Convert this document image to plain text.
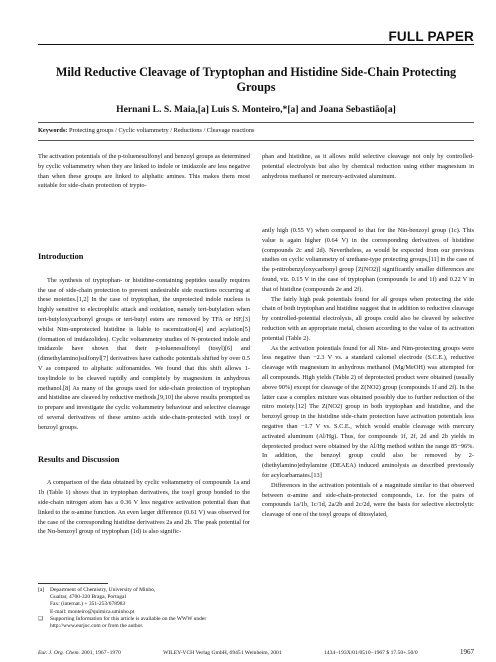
FULL PAPER
Mild Reductive Cleavage of Tryptophan and Histidine Side-Chain Protecting Groups
Hernani L. S. Maia,[a] Luis S. Monteiro,*[a] and Joana Sebastião[a]
Keywords: Protecting groups / Cyclic voltammetry / Reductions / Cleavage reactions

The activation potentials of the p-toluenesulfonyl and benzoyl groups as determined by cyclic voltammetry when they are linked to indole or imidazole are less negative than when these groups are linked to aliphatic amines. This makes them most suitable for side-chain protection of trypto-

phan and histidine, as it allows mild selective cleavage not only by controlled-potential electrolysis but also by chemical reduction using either magnesium in anhydrous methanol or mercury-activated aluminum.

Introduction

The synthesis of tryptophan- or histidine-containing peptides usually requires the use of side-chain protection to prevent undesirable side reactions occurring at these moieties.[1,2] In the case of tryptophan, the unprotected indole nucleus is highly sensitive to electrophilic attack and oxidation, namely tert-butylation when tert-butyloxycarbonyl groups or tert-butyl esters are removed by TFA or HF,[3] whilst Nim-unprotected histidine is liable to racemization[4] and acylation[5] (formation of imidazolides). Cyclic voltammetry studies of N-protected indole and imidazole have shown that their p-toluenesulfonyl (tosyl)[6] and (dimethylamino)sulfonyl[7] derivatives have cathodic potentials shifted by over 0.5 V as compared to aliphatic sulfonamides. We found that this shift allows 1-tosylindole to be cleaved rapidly and completely by magnesium in anhydrous methanol.[8] As many of the groups used for side-chain protection of tryptophan and histidine are cleaved by reductive methods,[9,10] the above results prompted us to prepare and investigate the cyclic voltammetry behaviour and selective cleavage of several derivatives of these amino acids side-chain-protected with tosyl or benzoyl groups.

Results and Discussion

A comparison of the data obtained by cyclic voltammetry of compounds 1a and 1b (Table 1) shows that in tryptophan derivatives, the tosyl group bonded to the side-chain nitrogen atom has a 0.36 V less negative activation potential than that linked to the α-amine function. An even larger difference (0.61 V) was observed for the case of the corresponding histidine derivatives 2a and 2b. The peak potential for the Nα-benzoyl group of tryptophan (1d) is also signific-

antly high (0.55 V) when compared to that for the Nin-benzoyl group (1c). This value is again higher (0.64 V) in the corresponding derivatives of histidine (compounds 2c and 2d). Nevertheless, as would be expected from our previous studies on cyclic voltammetry of urethane-type protecting groups,[11] in the case of the p-nitrobenzyloxycarbonyl group [Z(NO2)] significantly smaller differences are found, viz. 0.15 V in the case of tryptophan (compounds 1e and 1f) and 0.22 V in that of histidine (compounds 2e and 2f).

The fairly high peak potentials found for all groups when protecting the side chain of both tryptophan and histidine suggest that in addition to reductive cleavage by controlled-potential electrolysis, all groups could also be cleaved by selective reduction with an appropriate metal, chosen according to the value of its activation potential (Table 2).

As the activation potentials found for all Nin- and Nim-protecting groups were less negative than −2.3 V vs. a standard calomel electrode (S.C.E.), reductive cleavage with magnesium in anhydrous methanol (Mg/MeOH) was attempted for all compounds. High yields (Table 2) of deprotected product were obtained (usually above 90%) except for cleavage of the Z(NO2) group (compounds 1f and 2f). In the latter case a complex mixture was obtained possibly due to further reduction of the nitro moiety.[12] The Z(NO2) group in both tryptophan and histidine, and the benzoyl group in the histidine side-chain protection have activation potentials less negative than −1.7 V vs. S.C.E., which would enable cleavage with mercury activated aluminum (Al/Hg). Thus, for compounds 1f, 2f, 2d and 2b yields in deprotected product were obtained by the Al/Hg method within the range 85−96%. In addition, the benzoyl group could also be removed by 2-(diethylamino)ethylamine (DEAEA) induced aminolysis as described previously for acylcarbamates.[13]

Differences in the activation potentials of a magnitude similar to that observed between α-amine and side-chain-protected compounds, i.e. for the pairs of compounds 1a/1b, 1c/1d, 2a/2b and 2c/2d, were the basis for selective electrolytic cleavage of one of the tosyl groups of ditosylated,

[a]	Department of Chemistry, University of Minho,
Gualtar, 4700-320 Braga, Portugal
Fax: (internat.) + 351-253/678983
E-mail: monteiro@quimica.uminho.pt
❑	Supporting Information for this article is available on the WWW under http://www.eurjoc.com or from the author.
Eur. J. Org. Chem. 2001, 1967−1970	WILEY-VCH Verlag GmbH, 69451 Weinheim, 2001	1434−193X/01/0510−1967 $ 17.50+.50/0	1967
